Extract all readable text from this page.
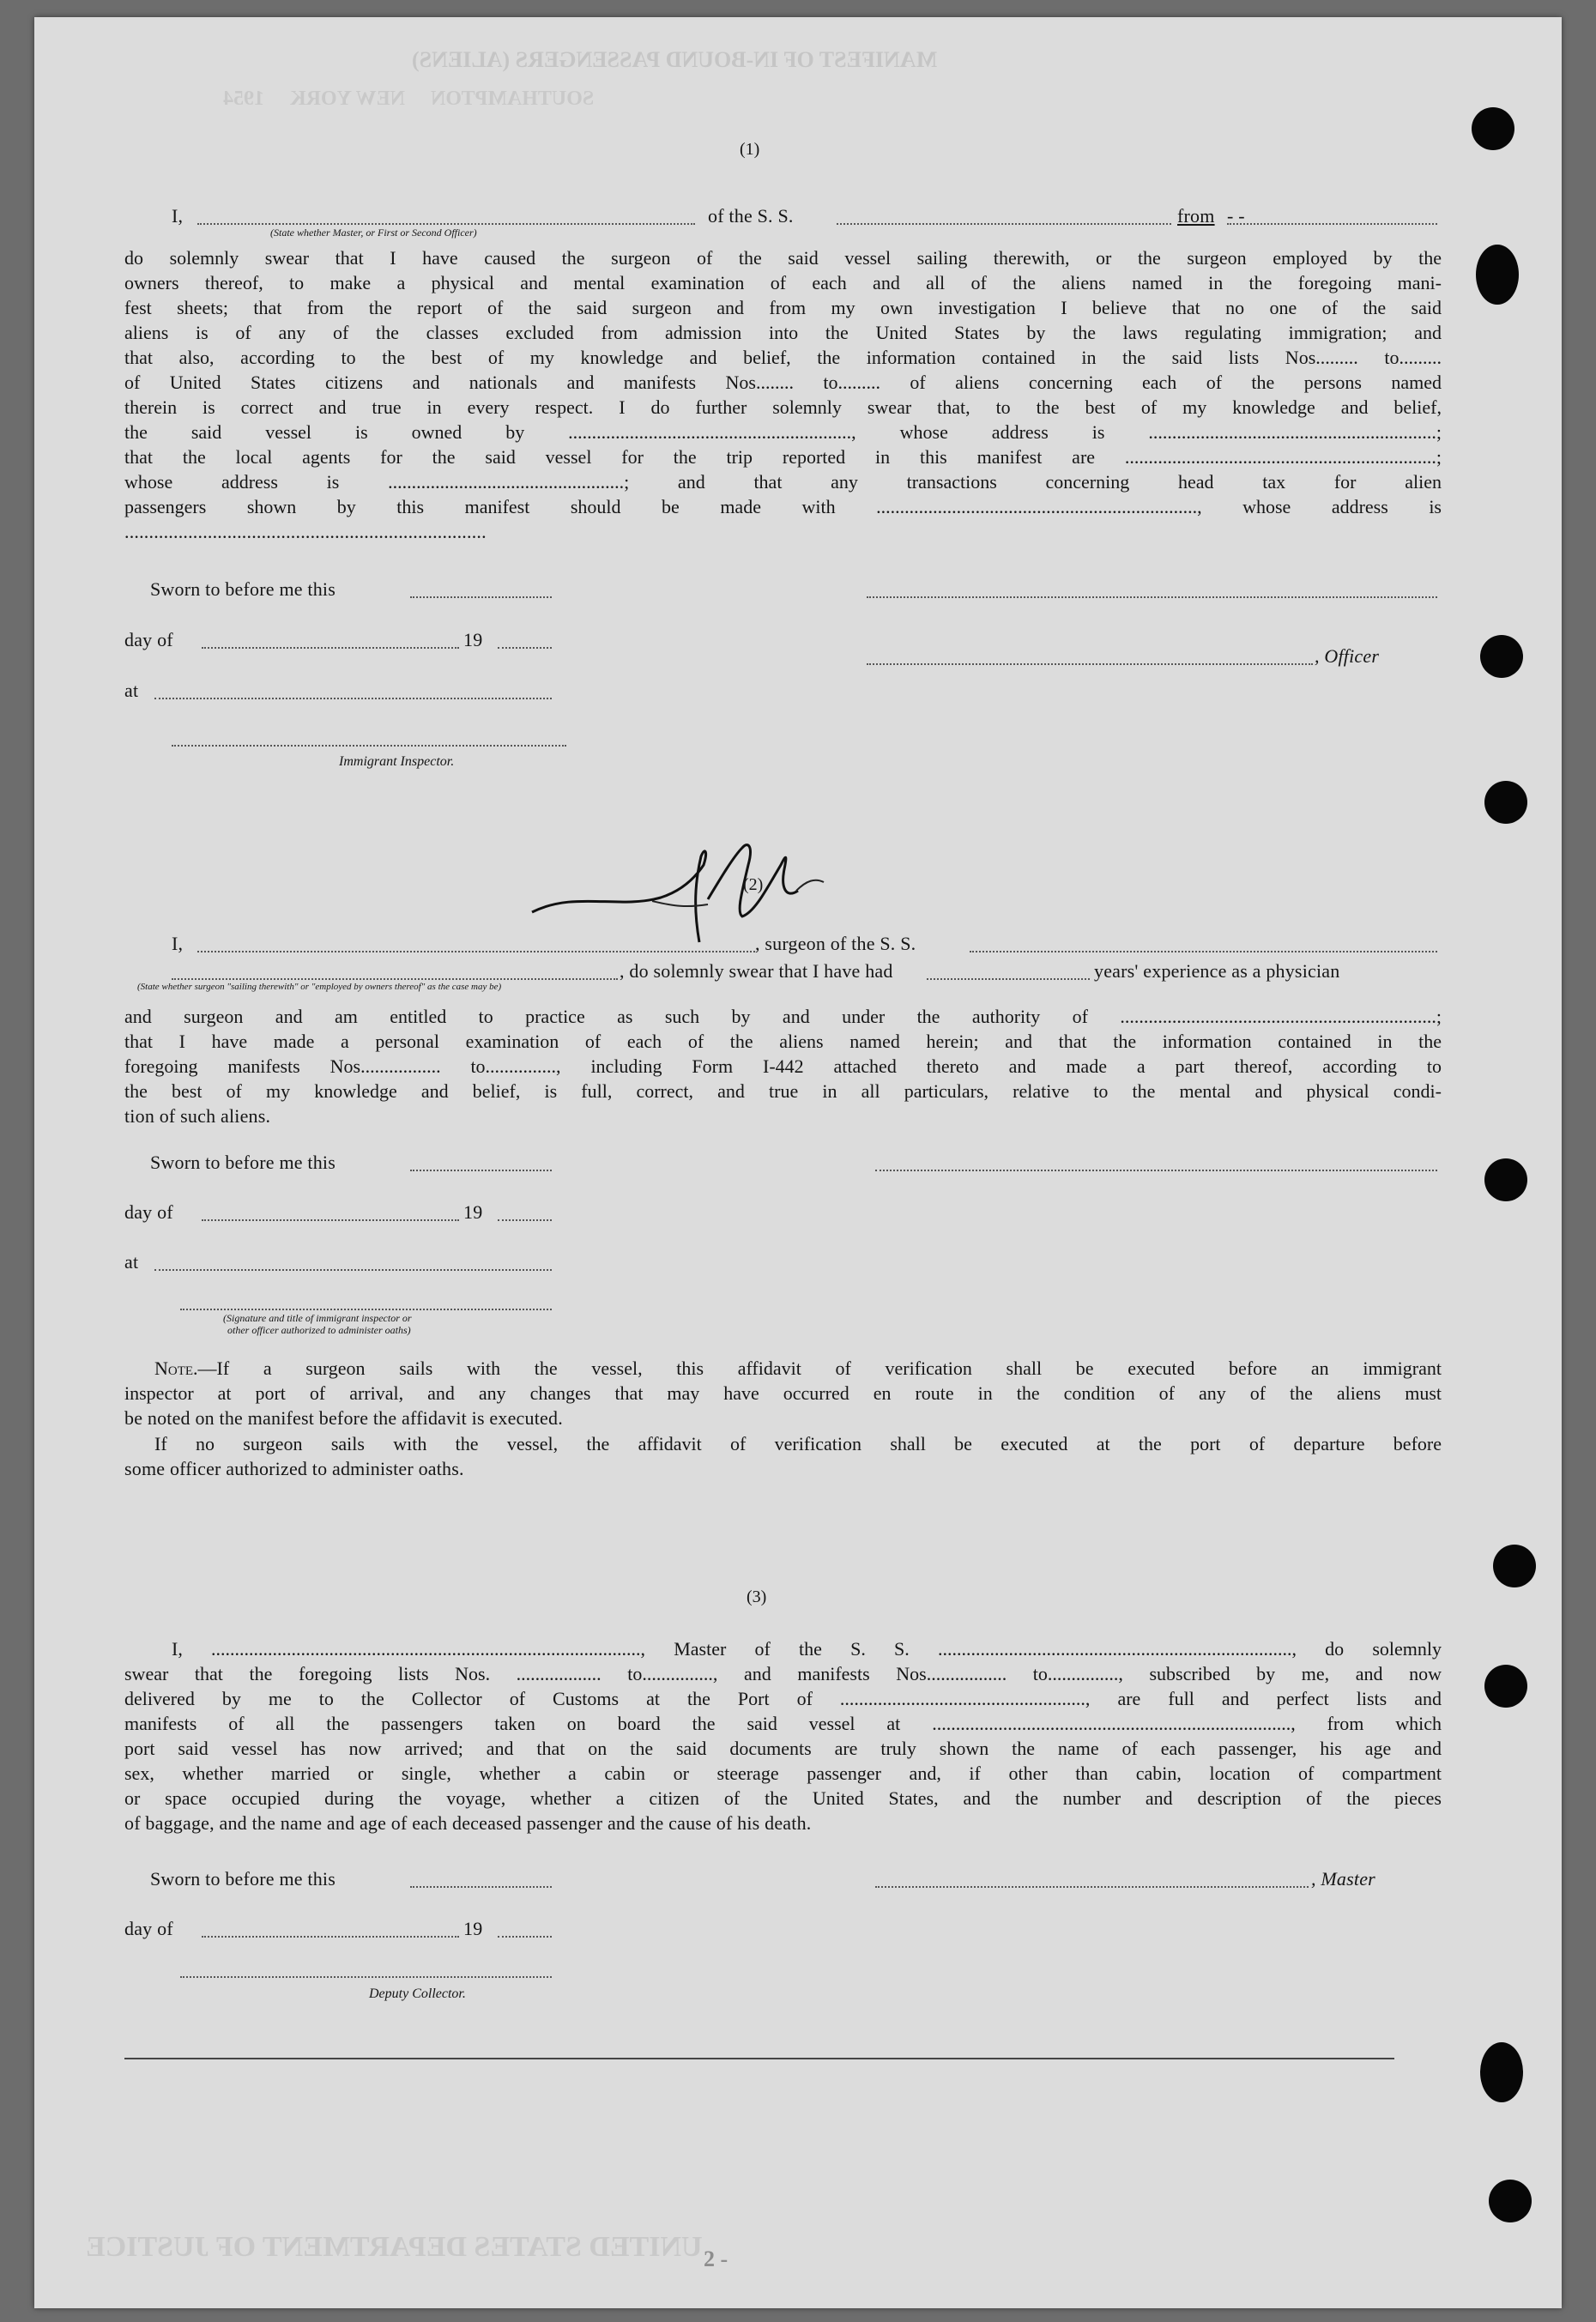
MANIFEST OF IN-BOUND PASSENGERS (ALIENS)
SOUTHAMPTON     NEW YORK     1954
UNITED STATES DEPARTMENT OF JUSTICE
(1)
I,	of the S. S.	from - -
(State whether Master, or First or Second Officer)
do solemnly swear that I have caused the surgeon of the said vessel sailing therewith, or the surgeon employed by the
owners thereof, to make a physical and mental examination of each and all of the aliens named in the foregoing mani-
fest sheets; that from the report of the said surgeon and from my own investigation I believe that no one of the said
aliens is of any of the classes excluded from admission into the United States by the laws regulating immigration; and
that also, according to the best of my knowledge and belief, the information contained in the said lists Nos......... to.........
of United States citizens and nationals and manifests Nos........ to......... of aliens concerning each of the persons named
therein is correct and true in every respect. I do further solemnly swear that, to the best of my knowledge and belief,
the said vessel is owned by ............................................................, whose address is .............................................................;
that the local agents for the said vessel for the trip reported in this manifest are ..................................................................;
whose address is ..................................................; and that any transactions concerning head tax for alien
passengers shown by this manifest should be made with ...................................................................., whose address is
..........................................................................
Sworn to before me this
day of	19
, Officer
at
Immigrant Inspector.
(2)
I,	, surgeon of the S. S.
, do solemnly swear that I have had	years' experience as a physician
(State whether surgeon "sailing therewith" or "employed by owners thereof" as the case may be)
and surgeon and am entitled to practice as such by and under the authority of ...................................................................;
that I have made a personal examination of each of the aliens named herein; and that the information contained in the
foregoing manifests Nos................. to..............., including Form I-442 attached thereto and made a part thereof, according to
the best of my knowledge and belief, is full, correct, and true in all particulars, relative to the mental and physical condi-
tion of such aliens.
Sworn to before me this
day of	19
at
(Signature and title of immigrant inspector or
other officer authorized to administer oaths)
Note.—If a surgeon sails with the vessel, this affidavit of verification shall be executed before an immigrant
inspector at port of arrival, and any changes that may have occurred en route in the condition of any of the aliens must
be noted on the manifest before the affidavit is executed.
If no surgeon sails with the vessel, the affidavit of verification shall be executed at the port of departure before
some officer authorized to administer oaths.
(3)
I, ..........................................................................................., Master of the S. S. ..........................................................................., do solemnly
swear that the foregoing lists Nos. .................. to..............., and manifests Nos................. to..............., subscribed by me, and now
delivered by me to the Collector of Customs at the Port of ...................................................., are full and perfect lists and
manifests of all the passengers taken on board the said vessel at ............................................................................, from which
port said vessel has now arrived; and that on the said documents are truly shown the name of each passenger, his age and
sex, whether married or single, whether a cabin or steerage passenger and, if other than cabin, location of compartment
or space occupied during the voyage, whether a citizen of the United States, and the number and description of the pieces
of baggage, and the name and age of each deceased passenger and the cause of his death.
Sworn to before me this	, Master
day of	19
Deputy Collector.
2 -
